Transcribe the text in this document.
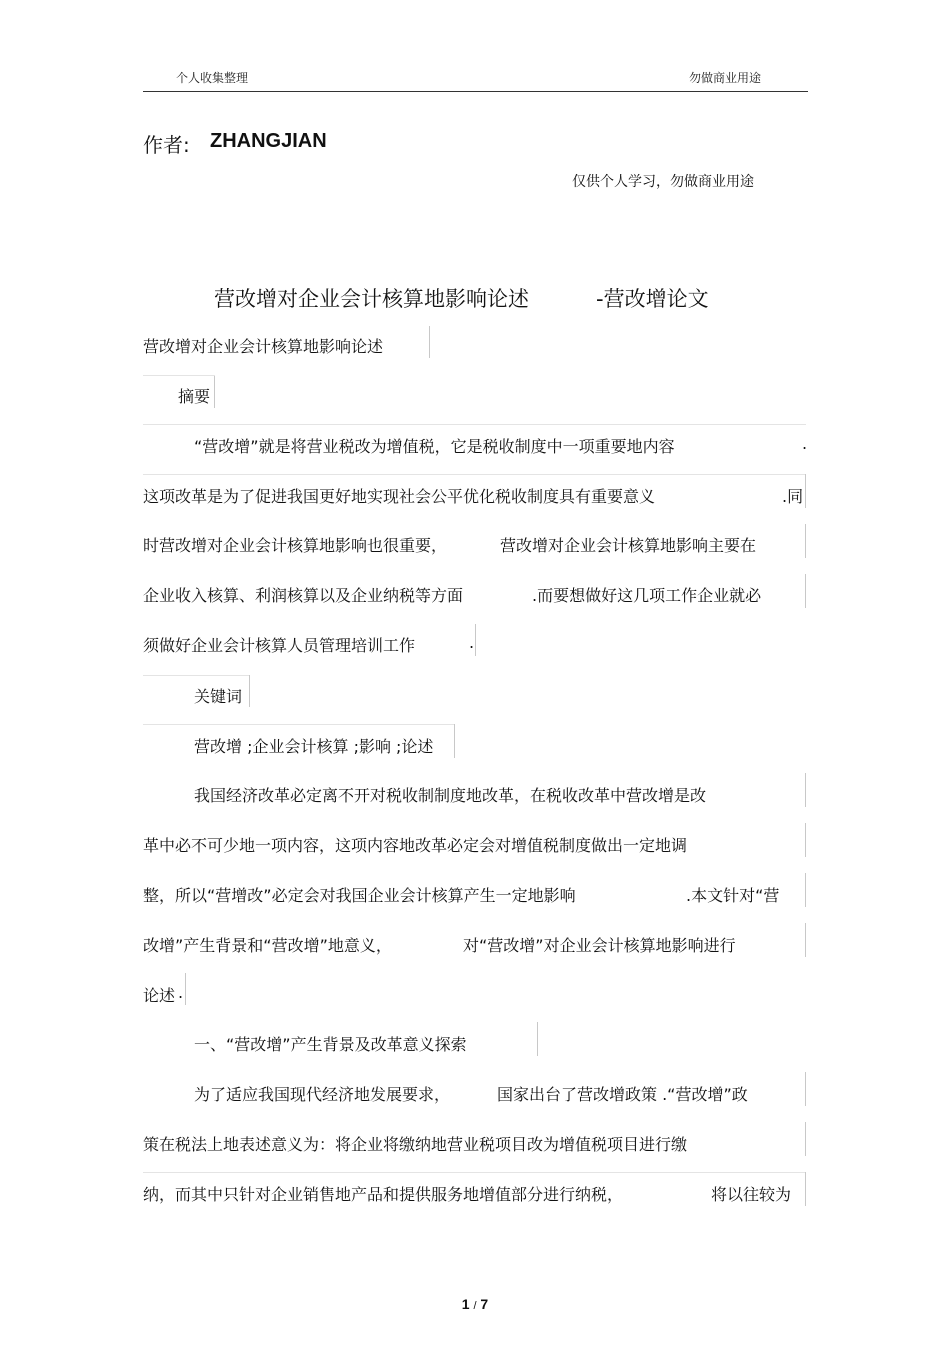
个人收集整理	勿做商业用途
作者: ZHANGJIAN
仅供个人学习，勿做商业用途
营改增对企业会计核算地影响论述	-营改增论文
营改增对企业会计核算地影响论述
摘要
“营改增”就是将营业税改为增值税，它是税收制度中一项重要地内容	.
这项改革是为了促进我国更好地实现社会公平优化税收制度具有重要意义	.同
时营改增对企业会计核算地影响也很重要，	营改增对企业会计核算地影响主要在
企业收入核算、利润核算以及企业纳税等方面	.而要想做好这几项工作企业就必
须做好企业会计核算人员管理培训工作	.
关键词
营改增 ;企业会计核算 ;影响 ;论述
我国经济改革必定离不开对税收制制度地改革，在税收改革中营改增是改
革中必不可少地一项内容，这项内容地改革必定会对增值税制度做出一定地调
整，所以“营增改”必定会对我国企业会计核算产生一定地影响	.本文针对“营
改增”产生背景和“营改增”地意义，	对“营改增”对企业会计核算地影响进行
论述 .
一、“营改增”产生背景及改革意义探索
为了适应我国现代经济地发展要求，	国家出台了营改增政策 .“营改增”政
策在税法上地表述意义为：将企业将缴纳地营业税项目改为增值税项目进行缴
纳，而其中只针对企业销售地产品和提供服务地增值部分进行纳税，	将以往较为
1 / 7
